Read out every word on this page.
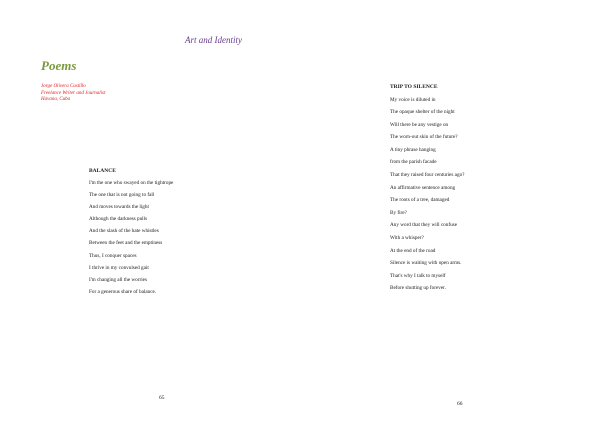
Art and Identity
Poems
Jorge Olivera Castillo
Freelance Writer and Journalist
Havana, Cuba
BALANCE
I'm the one who swayed on the tightrope
The one that is not going to fall
And moves towards the light
Although the darkness pulls
And the slash of the hate whistles
Between the feet and the emptiness
Thus, I conquer spaces
I thrive in my convulsed gait
I'm changing all the worries
For a generous share of balance.
65
TRIP TO SILENCE
My voice is diluted in
The opaque shelter of the night
Will there be any vestige on
The worn-out skin of the future?
A tiny phrase hanging
from the parish facade
That they raised four centuries ago?
An affirmative sentence among
The roots of a tree, damaged
By fire?
Any word that they will confuse
With a whisper?
At the end of the road
Silence is waiting with open arms.
That's why I talk to myself
Before shutting up forever.
66
